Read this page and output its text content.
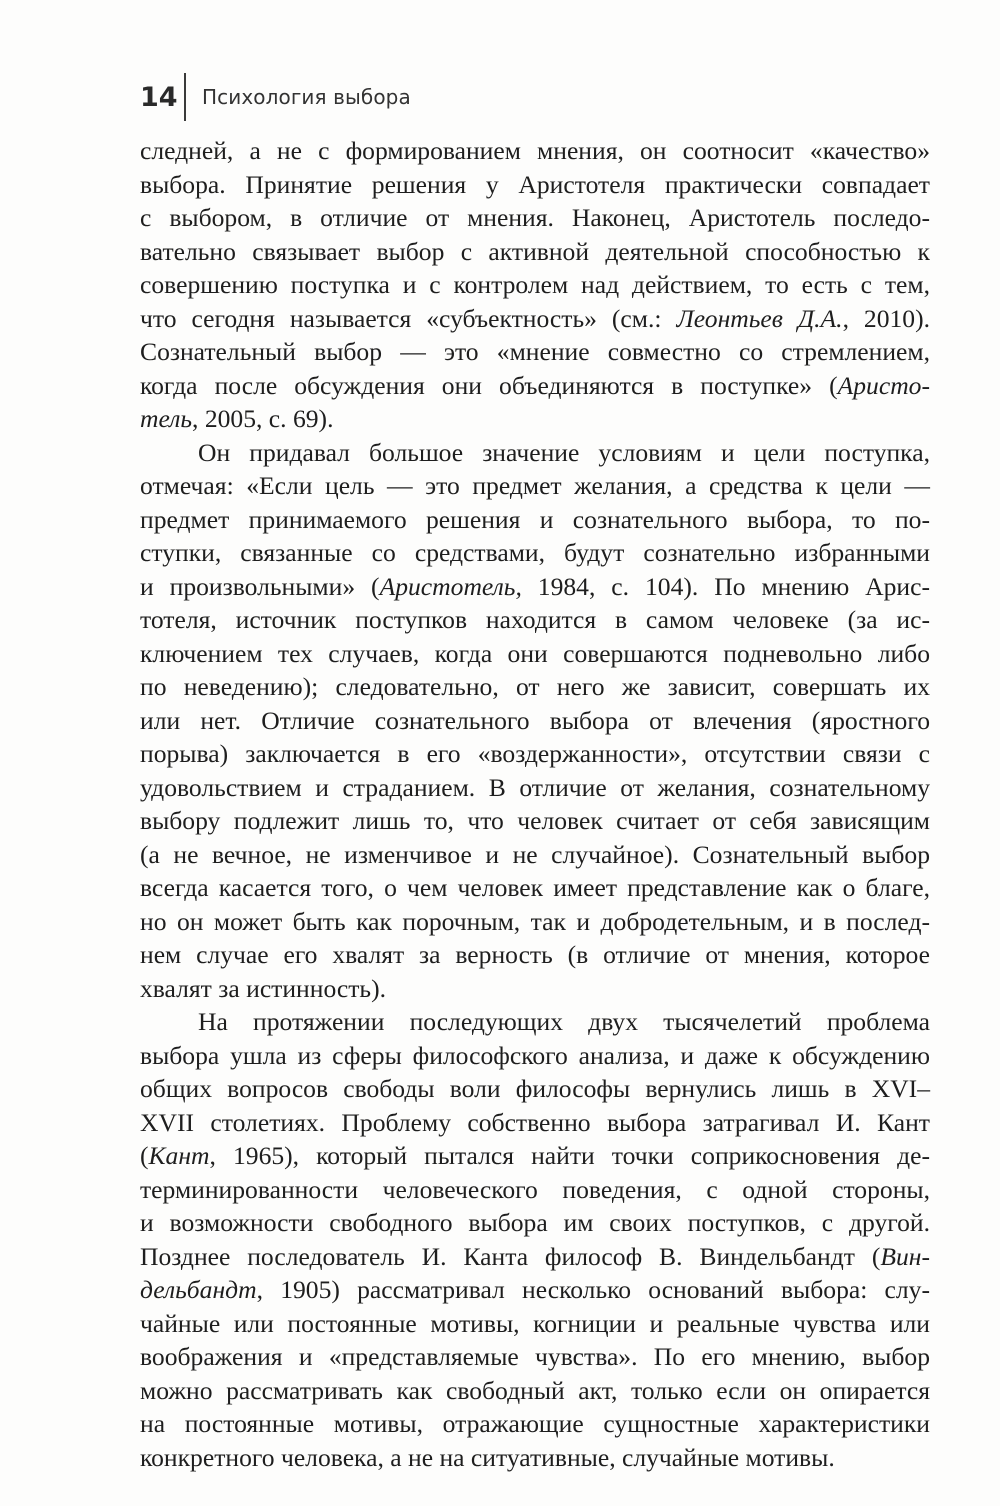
14	Психология выбора
следней, а не с формированием мнения, он соотносит «качество»
выбора. Принятие решения у Аристотеля практически совпадает
с выбором, в отличие от мнения. Наконец, Аристотель последо-
вательно связывает выбор с активной деятельной способностью к
совершению поступка и с контролем над действием, то есть с тем,
что сегодня называется «субъектность» (см.: Леонтьев Д.А., 2010).
Сознательный выбор — это «мнение совместно со стремлением,
когда после обсуждения они объединяются в поступке» (Аристо-
тель, 2005, с. 69).
Он придавал большое значение условиям и цели поступка,
отмечая: «Если цель — это предмет желания, а средства к цели —
предмет принимаемого решения и сознательного выбора, то по-
ступки, связанные со средствами, будут сознательно избранными
и произвольными» (Аристотель, 1984, с. 104). По мнению Арис-
тотеля, источник поступков находится в самом человеке (за ис-
ключением тех случаев, когда они совершаются подневольно либо
по неведению); следовательно, от него же зависит, совершать их
или нет. Отличие сознательного выбора от влечения (яростного
порыва) заключается в его «воздержанности», отсутствии связи с
удовольствием и страданием. В отличие от желания, сознательному
выбору подлежит лишь то, что человек считает от себя зависящим
(а не вечное, не изменчивое и не случайное). Сознательный выбор
всегда касается того, о чем человек имеет представление как о благе,
но он может быть как порочным, так и добродетельным, и в послед-
нем случае его хвалят за верность (в отличие от мнения, которое
хвалят за истинность).
На протяжении последующих двух тысячелетий проблема
выбора ушла из сферы философского анализа, и даже к обсуждению
общих вопросов свободы воли философы вернулись лишь в XVI–
XVII столетиях. Проблему собственно выбора затрагивал И. Кант
(Кант, 1965), который пытался найти точки соприкосновения де-
терминированности человеческого поведения, с одной стороны,
и возможности свободного выбора им своих поступков, с другой.
Позднее последователь И. Канта философ В. Виндельбандт (Вин-
дельбандт, 1905) рассматривал несколько оснований выбора: слу-
чайные или постоянные мотивы, когниции и реальные чувства или
воображения и «представляемые чувства». По его мнению, выбор
можно рассматривать как свободный акт, только если он опирается
на постоянные мотивы, отражающие сущностные характеристики
конкретного человека, а не на ситуативные, случайные мотивы.
